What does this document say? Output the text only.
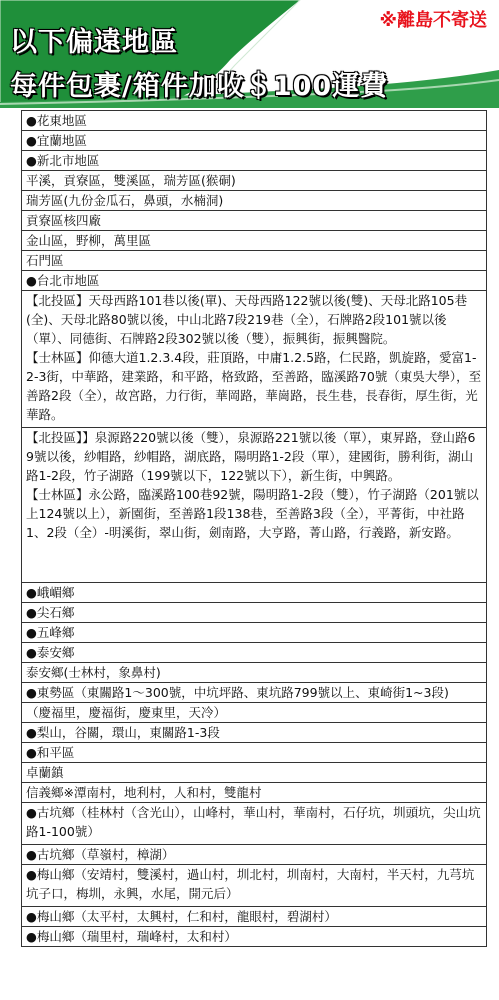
以下偏遠地區
每件包裹/箱件加收＄100運費
※離島不寄送
●花東地區
●宜蘭地區
●新北市地區
平溪，貢寮區，雙溪區，瑞芳區(猴硐)
瑞芳區(九份金瓜石，鼻頭，水楠洞)
貢寮區核四廠
金山區，野柳，萬里區
石門區
●台北市地區
【北投區】天母西路101巷以後(單)、天母西路122號以後(雙)、天母北路105巷(全)、天母北路80號以後，中山北路7段219巷（全），石牌路2段101號以後（單）、同德街、石牌路2段302號以後（雙），振興街，振興醫院。
【士林區】仰德大道1.2.3.4段，莊頂路，中庸1.2.5路，仁民路，凱旋路，愛富1-2-3街，中華路，建業路，和平路，格致路，至善路，臨溪路70號（東吳大學），至善路2段（全），故宮路，力行街，華岡路，華崗路，長生巷，長春街，厚生街，光華路。
【北投區】】泉源路220號以後（雙），泉源路221號以後（單），東昇路，登山路69號以後，紗帽路，紗帽路，湖底路，陽明路1-2段（單），建國街，勝利街，湖山路1-2段，竹子湖路（199號以下，122號以下），新生街，中興路。
【士林區】永公路，臨溪路100巷92號，陽明路1-2段（雙），竹子湖路（201號以上124號以上），新園街，至善路1段138巷，至善路3段（全），平菁街，中社路1、2段（全）-明溪街，翠山街，劍南路，大亨路，菁山路，行義路，新安路。
●峨嵋鄉
●尖石鄉
●五峰鄉
●泰安鄉
泰安鄉(士林村，象鼻村)
●東勢區（東關路1～300號，中坑坪路、東坑路799號以上、東崎街1~3段)
（慶福里，慶福街，慶東里，天冷）
●梨山，谷關，環山，東關路1-3段
●和平區
卓蘭鎮
信義鄉※潭南村，地利村，人和村，雙龍村
●古坑鄉（桂林村（含光山），山峰村，華山村，華南村，石仔坑，圳頭坑，尖山坑路1-100號）
●古坑鄉（草嶺村，樟湖）
●梅山鄉（安靖村，雙溪村，過山村，圳北村，圳南村，大南村，半天村，九芎坑坑子口，梅圳，永興，水尾，開元后）
●梅山鄉（太平村，太興村，仁和村，龍眼村，碧湖村）
●梅山鄉（瑞里村，瑞峰村，太和村）
